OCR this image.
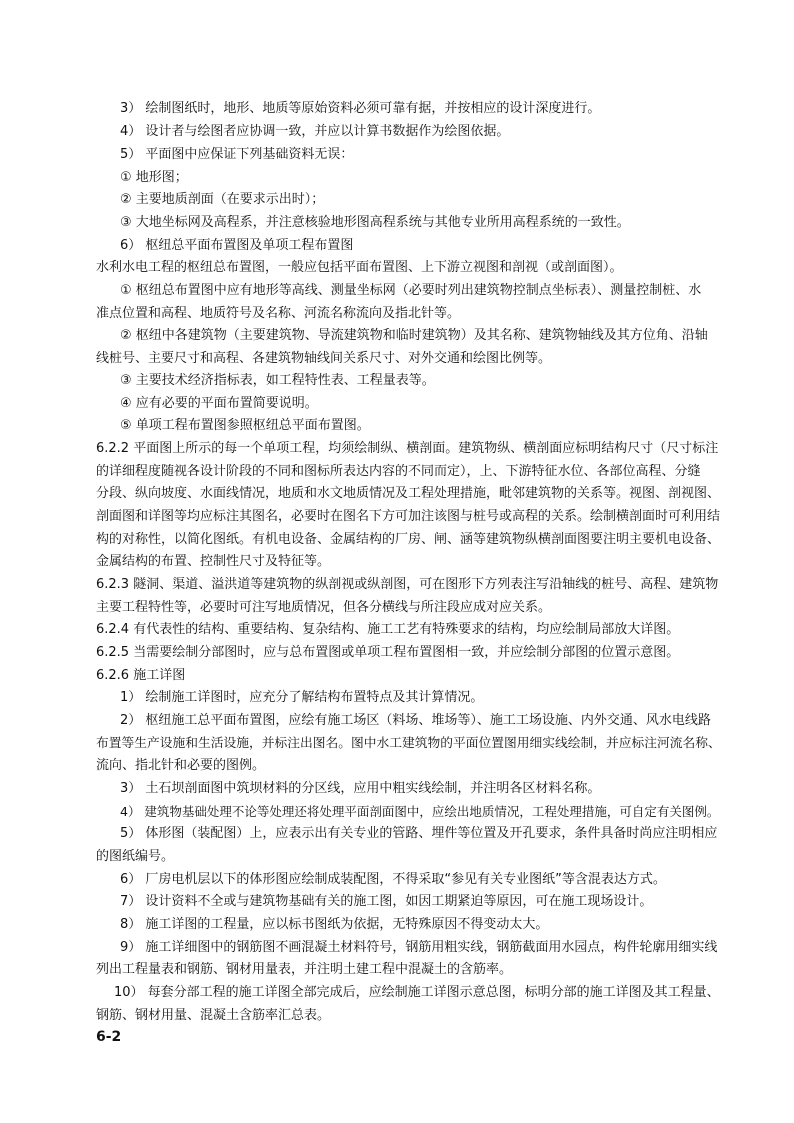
3） 绘制图纸时，地形、地质等原始资料必须可靠有据，并按相应的设计深度进行。
4） 设计者与绘图者应协调一致，并应以计算书数据作为绘图依据。
5） 平面图中应保证下列基础资料无误：
① 地形图；
② 主要地质剖面（在要求示出时）；
③ 大地坐标网及高程系，并注意核验地形图高程系统与其他专业所用高程系统的一致性。
6） 枢纽总平面布置图及单项工程布置图
水利水电工程的枢纽总布置图，一般应包括平面布置图、上下游立视图和剖视（或剖面图）。
① 枢纽总布置图中应有地形等高线、测量坐标网（必要时列出建筑物控制点坐标表）、测量控制桩、水
准点位置和高程、地质符号及名称、河流名称流向及指北针等。
② 枢纽中各建筑物（主要建筑物、导流建筑物和临时建筑物）及其名称、建筑物轴线及其方位角、沿轴
线桩号、主要尺寸和高程、各建筑物轴线间关系尺寸、对外交通和绘图比例等。
③ 主要技术经济指标表，如工程特性表、工程量表等。
④ 应有必要的平面布置简要说明。
⑤ 单项工程布置图参照枢纽总平面布置图。
6.2.2 平面图上所示的每一个单项工程，均须绘制纵、横剖面。建筑物纵、横剖面应标明结构尺寸（尺寸标注
的详细程度随视各设计阶段的不同和图标所表达内容的不同而定），上、下游特征水位、各部位高程、分缝
分段、纵向坡度、水面线情况，地质和水文地质情况及工程处理措施，毗邻建筑物的关系等。视图、剖视图、
剖面图和详图等均应标注其图名，必要时在图名下方可加注该图与桩号或高程的关系。绘制横剖面时可利用结
构的对称性，以简化图纸。有机电设备、金属结构的厂房、闸、涵等建筑物纵横剖面图要注明主要机电设备、
金属结构的布置、控制性尺寸及特征等。
6.2.3 隧洞、渠道、溢洪道等建筑物的纵剖视或纵剖图，可在图形下方列表注写沿轴线的桩号、高程、建筑物
主要工程特性等，必要时可注写地质情况，但各分横线与所注段应成对应关系。
6.2.4 有代表性的结构、重要结构、复杂结构、施工工艺有特殊要求的结构，均应绘制局部放大详图。
6.2.5 当需要绘制分部图时，应与总布置图或单项工程布置图相一致，并应绘制分部图的位置示意图。
6.2.6 施工详图
1） 绘制施工详图时，应充分了解结构布置特点及其计算情况。
2） 枢纽施工总平面布置图，应绘有施工场区（料场、堆场等）、施工工场设施、内外交通、风水电线路
布置等生产设施和生活设施，并标注出图名。图中水工建筑物的平面位置图用细实线绘制，并应标注河流名称、
流向、指北针和必要的图例。
3） 土石坝剖面图中筑坝材料的分区线，应用中粗实线绘制，并注明各区材料名称。
4） 建筑物基础处理不论等处理还将处理平面剖面图中，应绘出地质情况，工程处理措施，可自定有关图例。
5） 体形图（装配图）上，应表示出有关专业的管路、埋件等位置及开孔要求，条件具备时尚应注明相应
的图纸编号。
6） 厂房电机层以下的体形图应绘制成装配图，不得采取“参见有关专业图纸”等含混表达方式。
7） 设计资料不全或与建筑物基础有关的施工图，如因工期紧迫等原因，可在施工现场设计。
8） 施工详图的工程量，应以标书图纸为依据，无特殊原因不得变动太大。
9） 施工详细图中的钢筋图不画混凝土材料符号，钢筋用粗实线，钢筋截面用水园点，构件轮廓用细实线
列出工程量表和钢筋、钢材用量表，并注明土建工程中混凝土的含筋率。
10） 每套分部工程的施工详图全部完成后，应绘制施工详图示意总图，标明分部的施工详图及其工程量、
钢筋、钢材用量、混凝土含筋率汇总表。
6-2
